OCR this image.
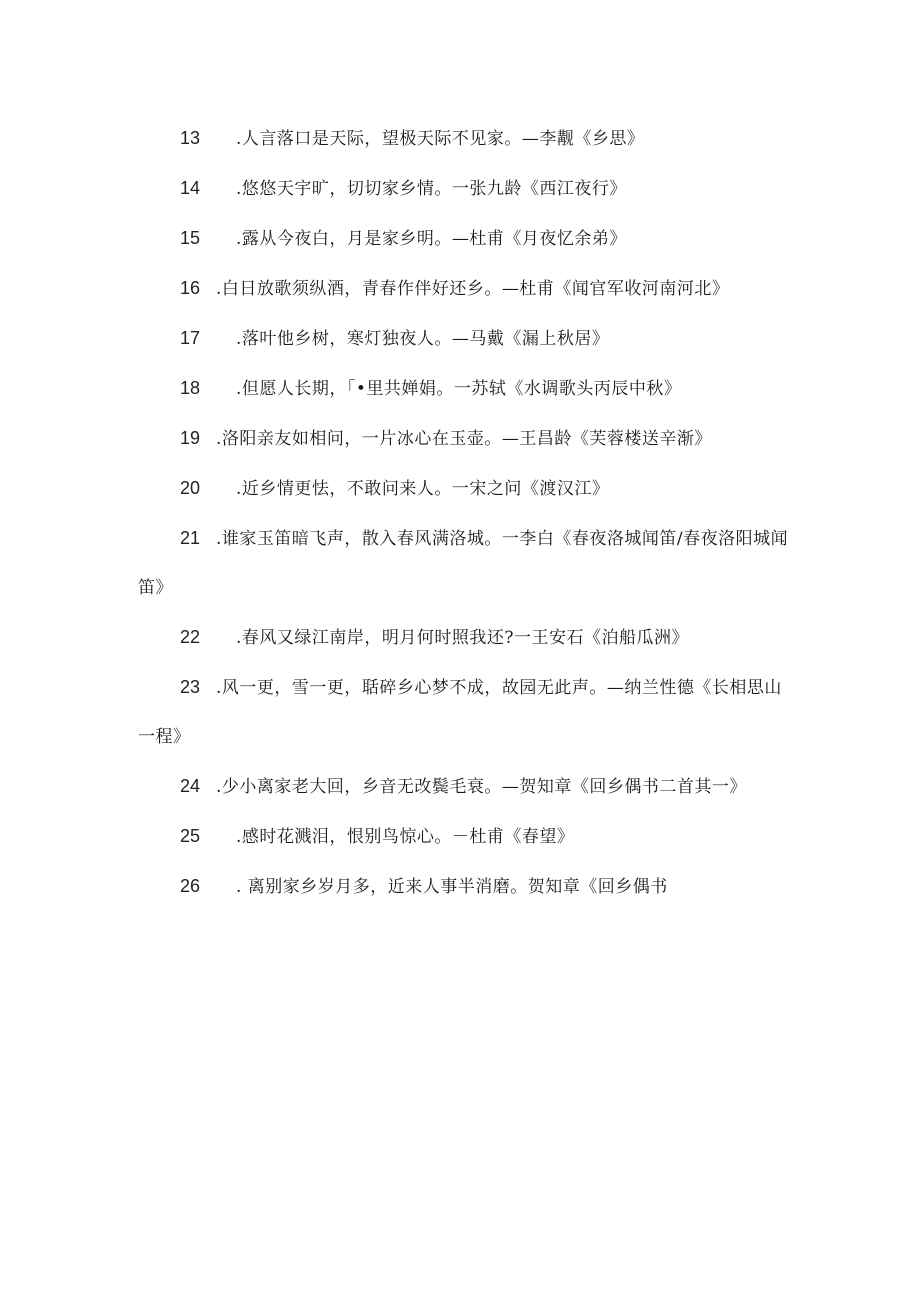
13 .人言落口是天际，望极天际不见家。—李觏《乡思》
14 .悠悠天宇旷，切切家乡情。一张九龄《西江夜行》
15 .露从今夜白，月是家乡明。—杜甫《月夜忆余弟》
16 .白日放歌须纵酒，青春作伴好还乡。—杜甫《闻官军收河南河北》
17 .落叶他乡树，寒灯独夜人。—马戴《漏上秋居》
18 .但愿人长期，「•里共婵娟。一苏轼《水调歌头丙辰中秋》
19 .洛阳亲友如相问，一片冰心在玉壶。—王昌龄《芙蓉楼送辛渐》
20 .近乡情更怯，不敢问来人。一宋之问《渡汉江》
21 .谁家玉笛暗飞声，散入春风满洛城。一李白《春夜洛城闻笛/春夜洛阳城闻笛》
22 .春风又绿江南岸，明月何时照我还?一王安石《泊船瓜洲》
23 .风一更，雪一更，聒碎乡心梦不成，故园无此声。—纳兰性德《长相思山一程》
24 .少小离家老大回，乡音无改鬓毛衰。—贺知章《回乡偶书二首其一》
25 .感时花溅泪，恨别鸟惊心。－杜甫《春望》
26 . 离别家乡岁月多，近来人事半消磨。贺知章《回乡偶书
